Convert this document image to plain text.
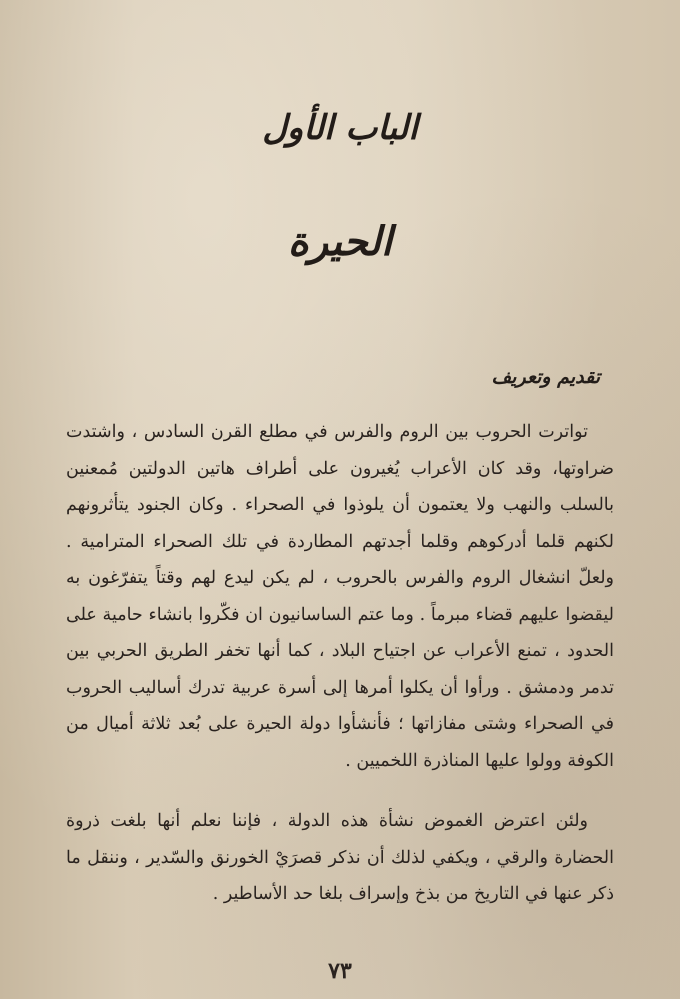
الباب الأول
الحيرة
تقديم وتعريف

تواترت الحروب بين الروم والفرس في مطلع القرن السادس ، واشتدت ضراوتها، وقد كان الأعراب يُغيرون على أطراف هاتين الدولتين مُمعنين بالسلب والنهب ولا يعتمون أن يلوذوا في الصحراء . وكان الجنود يتأثرونهم لكنهم قلما أدركوهم وقلما أجدتهم المطاردة في تلك الصحراء المترامية . ولعلّ انشغال الروم والفرس بالحروب ، لم يكن ليدع لهم وقتاً يتفرّغون به ليقضوا عليهم قضاء مبرماً . وما عتم الساسانيون ان فكّروا بانشاء حامية على الحدود ، تمنع الأعراب عن اجتياح البلاد ، كما أنها تخفر الطريق الحربي بين تدمر ودمشق . ورأوا أن يكلوا أمرها إلى أسرة عربية تدرك أساليب الحروب في الصحراء وشتى مفازاتها ؛ فأنشأوا دولة الحيرة على بُعد ثلاثة أميال من الكوفة وولوا عليها المناذرة اللخميين .

ولئن اعترض الغموض نشأة هذه الدولة ، فإننا نعلم أنها بلغت ذروة الحضارة والرقي ، ويكفي لذلك أن نذكر قصرَيْ الخورنق والسّدير ، وننقل ما ذكر عنها في التاريخ من بذخ وإسراف بلغا حد الأساطير .

٧٣
